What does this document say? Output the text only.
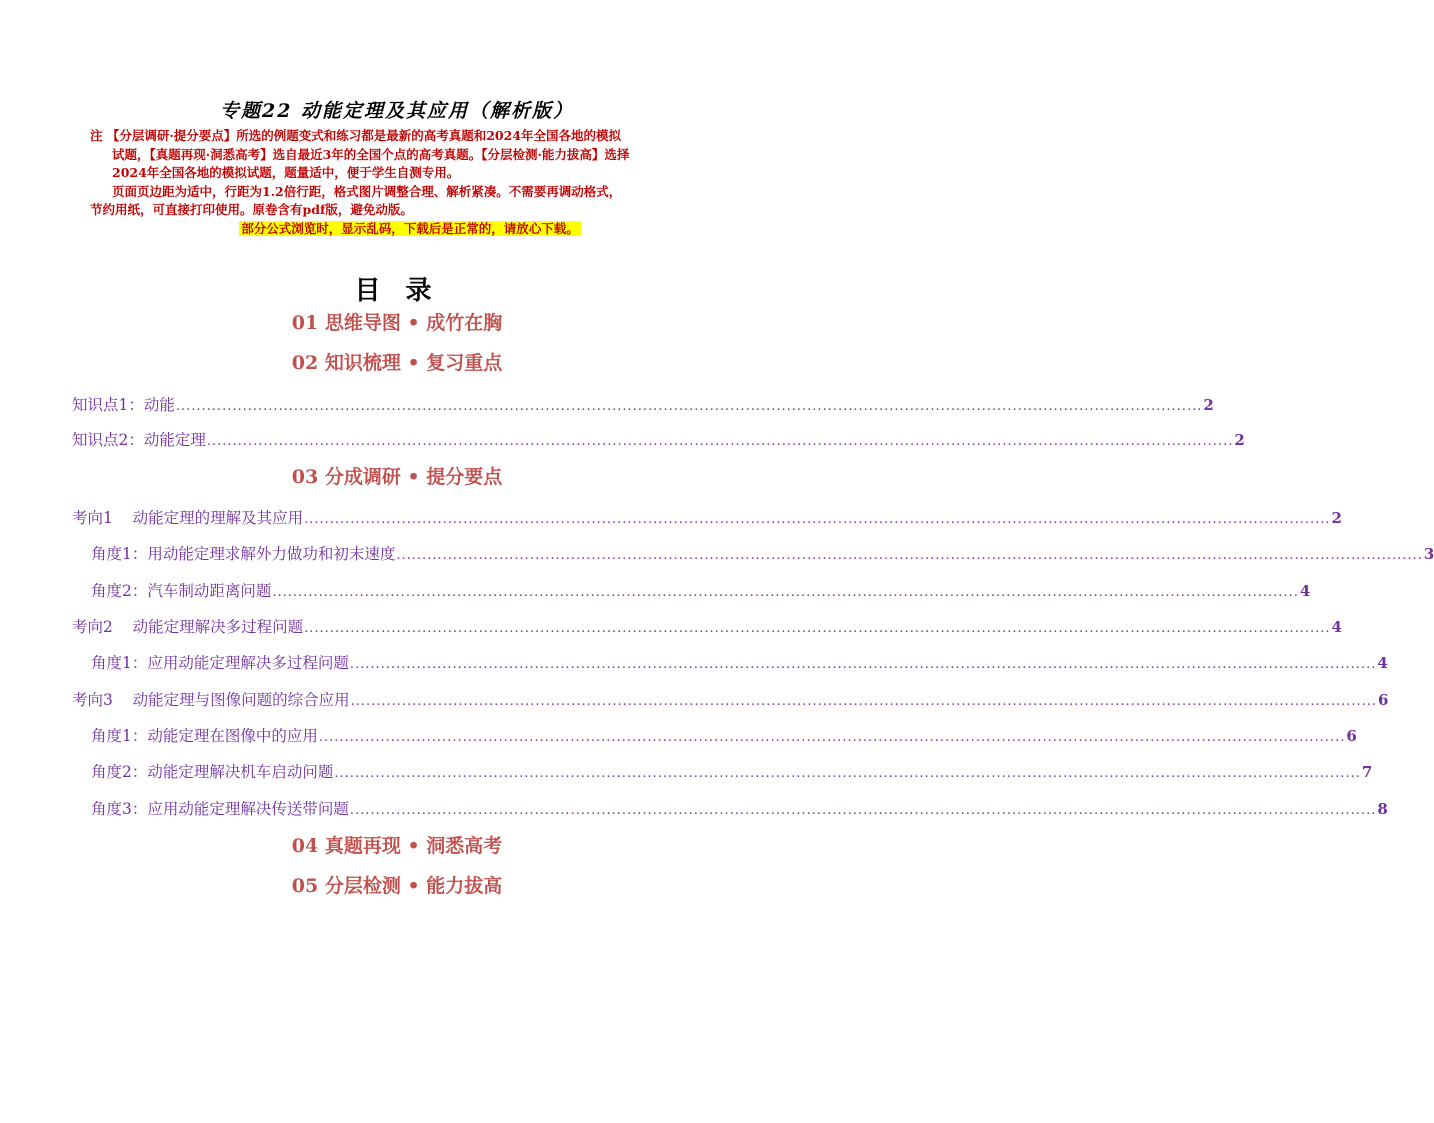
专题22 动能定理及其应用（解析版）

注 【分层调研·提分要点】所选的例题变式和练习都是最新的高考真题和2024年全国各地的模拟

试题，【真题再现·洞悉高考】选自最近3年的全国个点的高考真题。【分层检测·能力拔高】选择

2024年全国各地的模拟试题，题量适中，便于学生自测专用。

页面页边距为适中，行距为1.2倍行距，格式图片调整合理、解析紧凑。不需要再调动格式，

节约用纸，可直接打印使用。原卷含有pdf版，避免动版。

部分公式浏览时，显示乱码，下载后是正常的，请放心下载。

目 录
01 思维导图 • 成竹在胸
02 知识梳理 • 复习重点
知识点1：动能 ........................................................................................................................................................................................................ 2
知识点2：动能定理 ........................................................................................................................................................................................................ 2
03 分成调研 • 提分要点
考向1    动能定理的理解及其应用 ........................................................................................................................................................................................................ 2
角度1：用动能定理求解外力做功和初末速度 ........................................................................................................................................................................................................ 3
角度2：汽车制动距离问题 ........................................................................................................................................................................................................ 4
考向2    动能定理解决多过程问题 ........................................................................................................................................................................................................ 4
角度1：应用动能定理解决多过程问题 ........................................................................................................................................................................................................ 4
考向3    动能定理与图像问题的综合应用 ........................................................................................................................................................................................................ 6
角度1：动能定理在图像中的应用 ........................................................................................................................................................................................................ 6
角度2：动能定理解决机车启动问题 ........................................................................................................................................................................................................ 7
角度3：应用动能定理解决传送带问题 ........................................................................................................................................................................................................ 8
04 真题再现 • 洞悉高考
05 分层检测 • 能力拔高
